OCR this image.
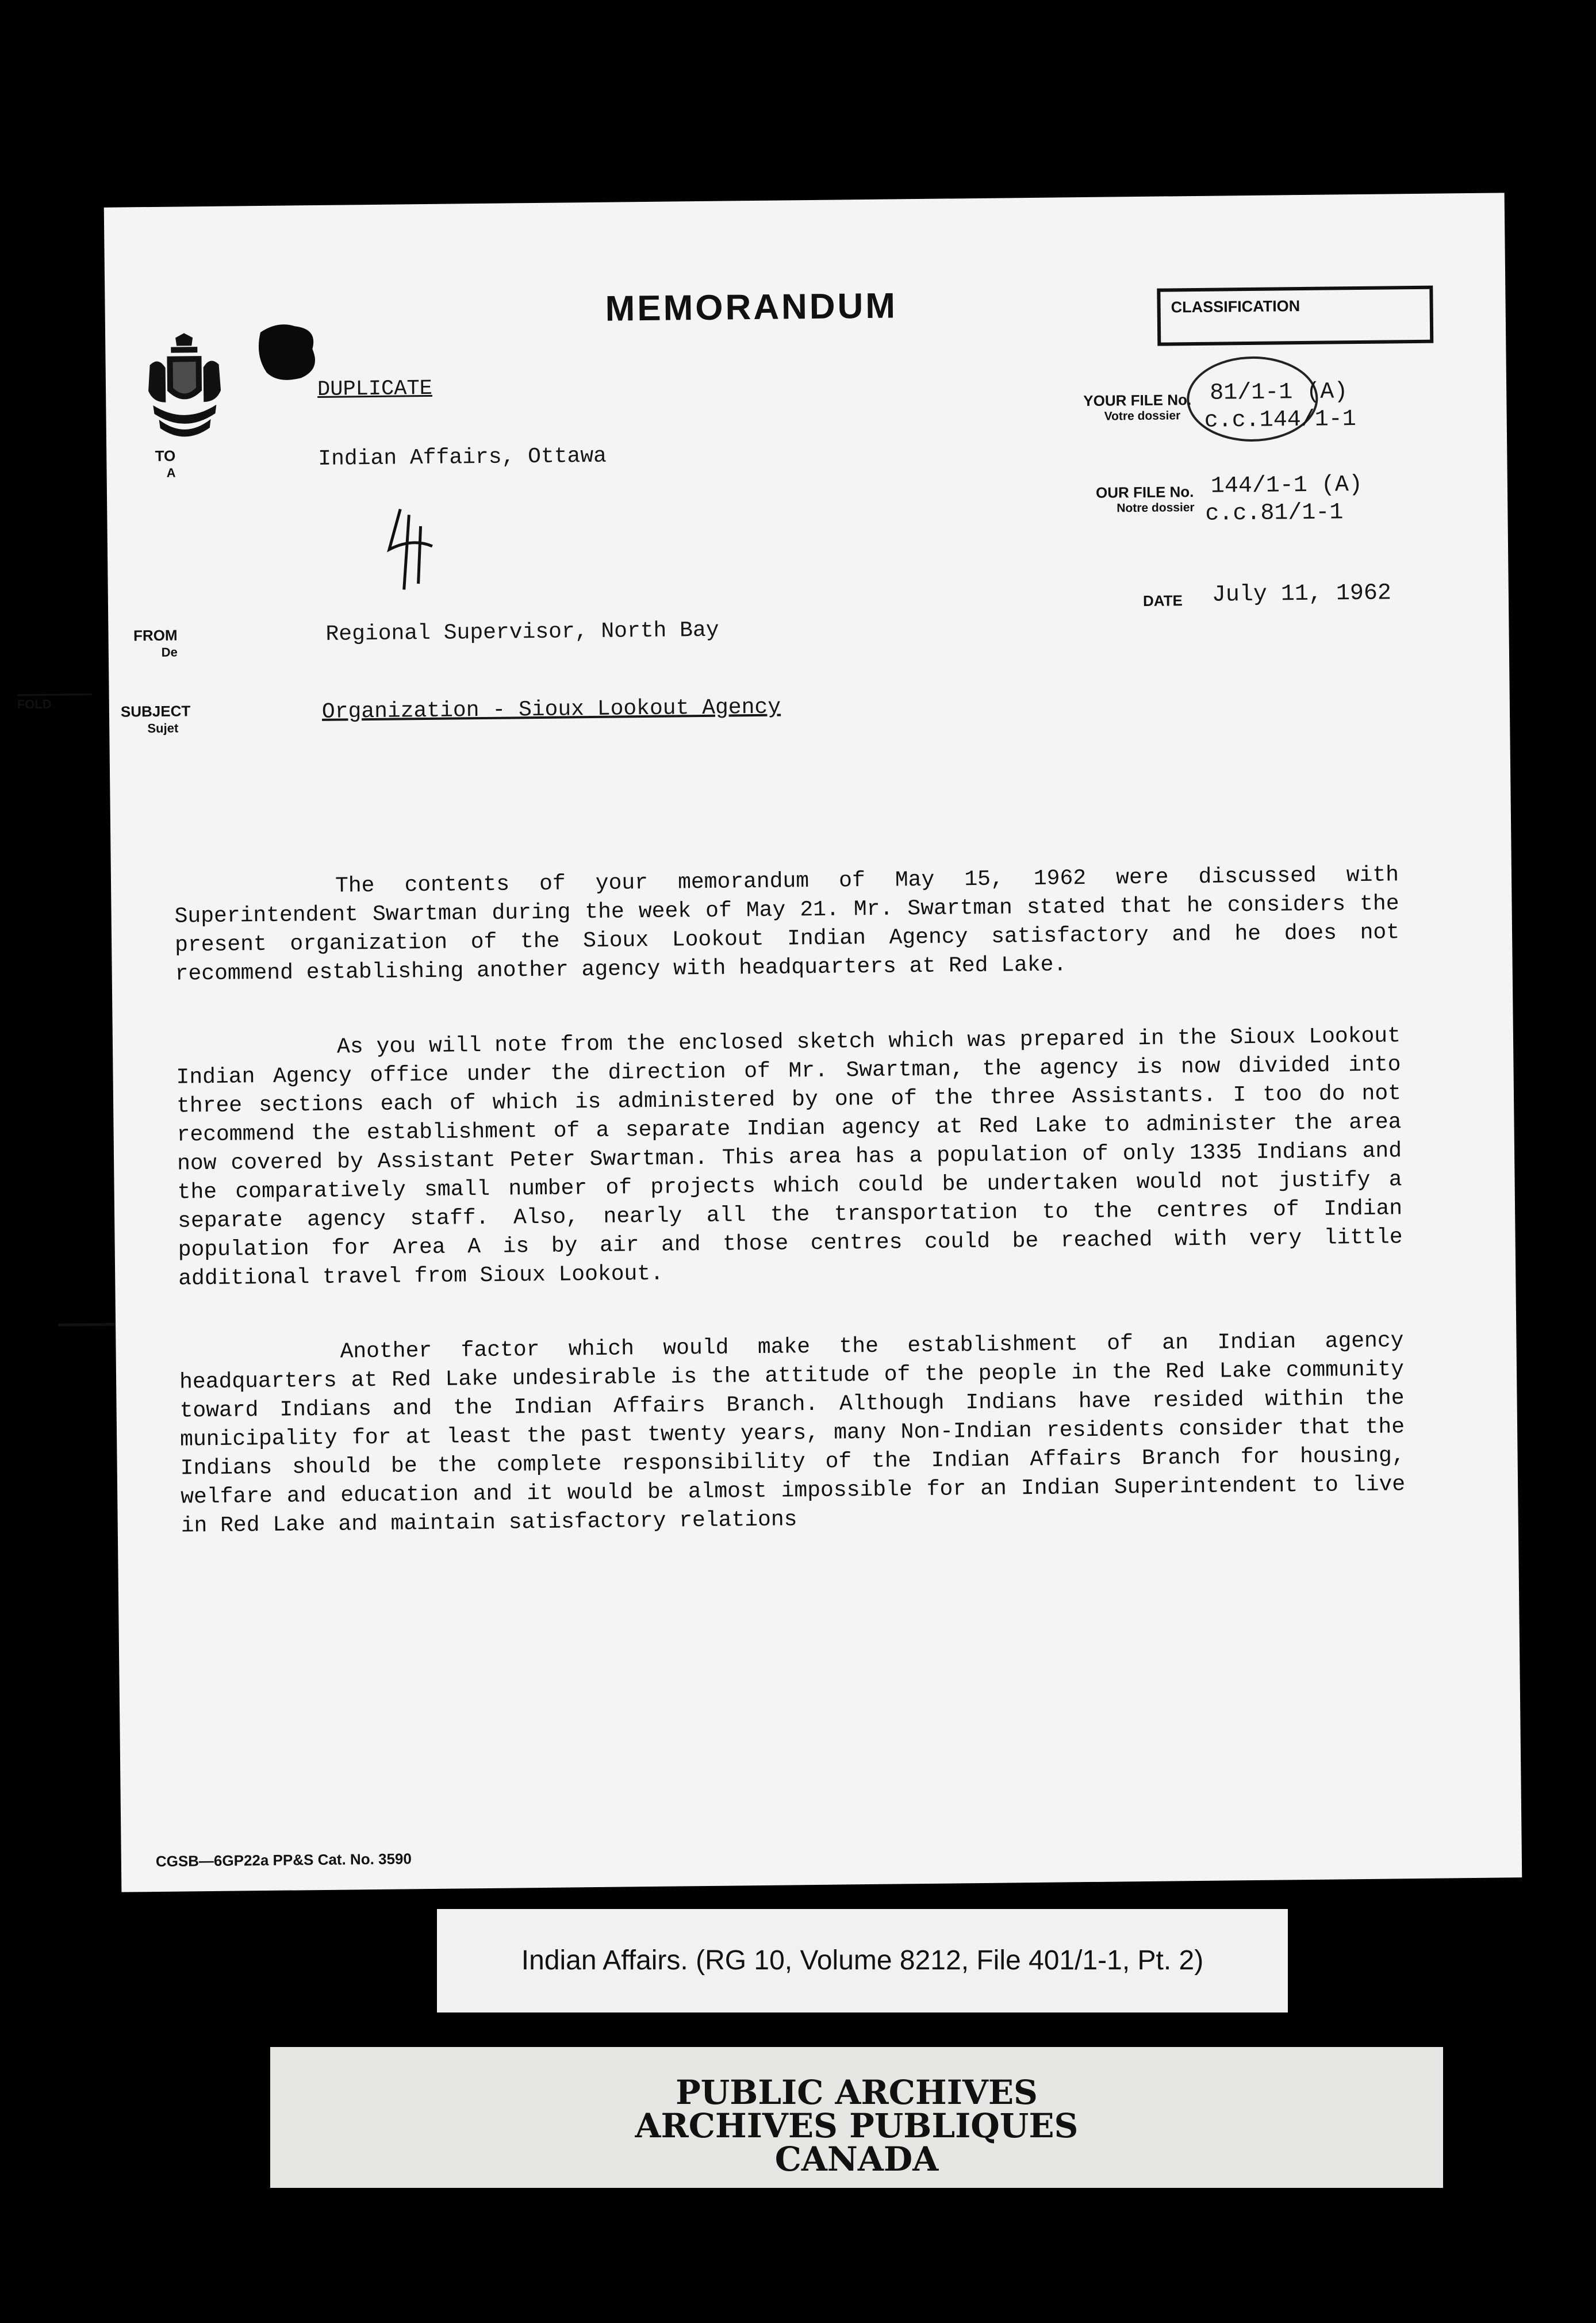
MEMORANDUM	CLASSIFICATION
DUPLICATE
TO
A
Indian Affairs, Ottawa
FROM
De
Regional Supervisor, North Bay
FOLD	SUBJECT
Sujet
Organization - Sioux Lookout Agency
YOUR FILE No.
Votre dossier
81/1-1 (A)
c.c.144/1-1
OUR FILE No.
Notre dossier
144/1-1 (A)
c.c.81/1-1
DATE July 11, 1962

The contents of your memorandum of May 15, 1962 were discussed with Superintendent Swartman during the week of May 21. Mr. Swartman stated that he considers the present organization of the Sioux Lookout Indian Agency satisfactory and he does not recommend establishing another agency with headquarters at Red Lake.

As you will note from the enclosed sketch which was prepared in the Sioux Lookout Indian Agency office under the direction of Mr. Swartman, the agency is now divided into three sections each of which is administered by one of the three Assistants. I too do not recommend the establishment of a separate Indian agency at Red Lake to administer the area now covered by Assistant Peter Swartman. This area has a population of only 1335 Indians and the comparatively small number of projects which could be undertaken would not justify a separate agency staff. Also, nearly all the transportation to the centres of Indian population for Area A is by air and those centres could be reached with very little additional travel from Sioux Lookout.

Another factor which would make the establishment of an Indian agency headquarters at Red Lake undesirable is the attitude of the people in the Red Lake community toward Indians and the Indian Affairs Branch. Although Indians have resided within the municipality for at least the past twenty years, many Non-Indian residents consider that the Indians should be the complete responsibility of the Indian Affairs Branch for housing, welfare and education and it would be almost impossible for an Indian Superintendent to live in Red Lake and maintain satisfactory relations

CGSB—6GP22a PP&S Cat. No. 3590
Indian Affairs. (RG 10, Volume 8212, File 401/1-1, Pt. 2)
PUBLIC ARCHIVES
ARCHIVES PUBLIQUES
CANADA
